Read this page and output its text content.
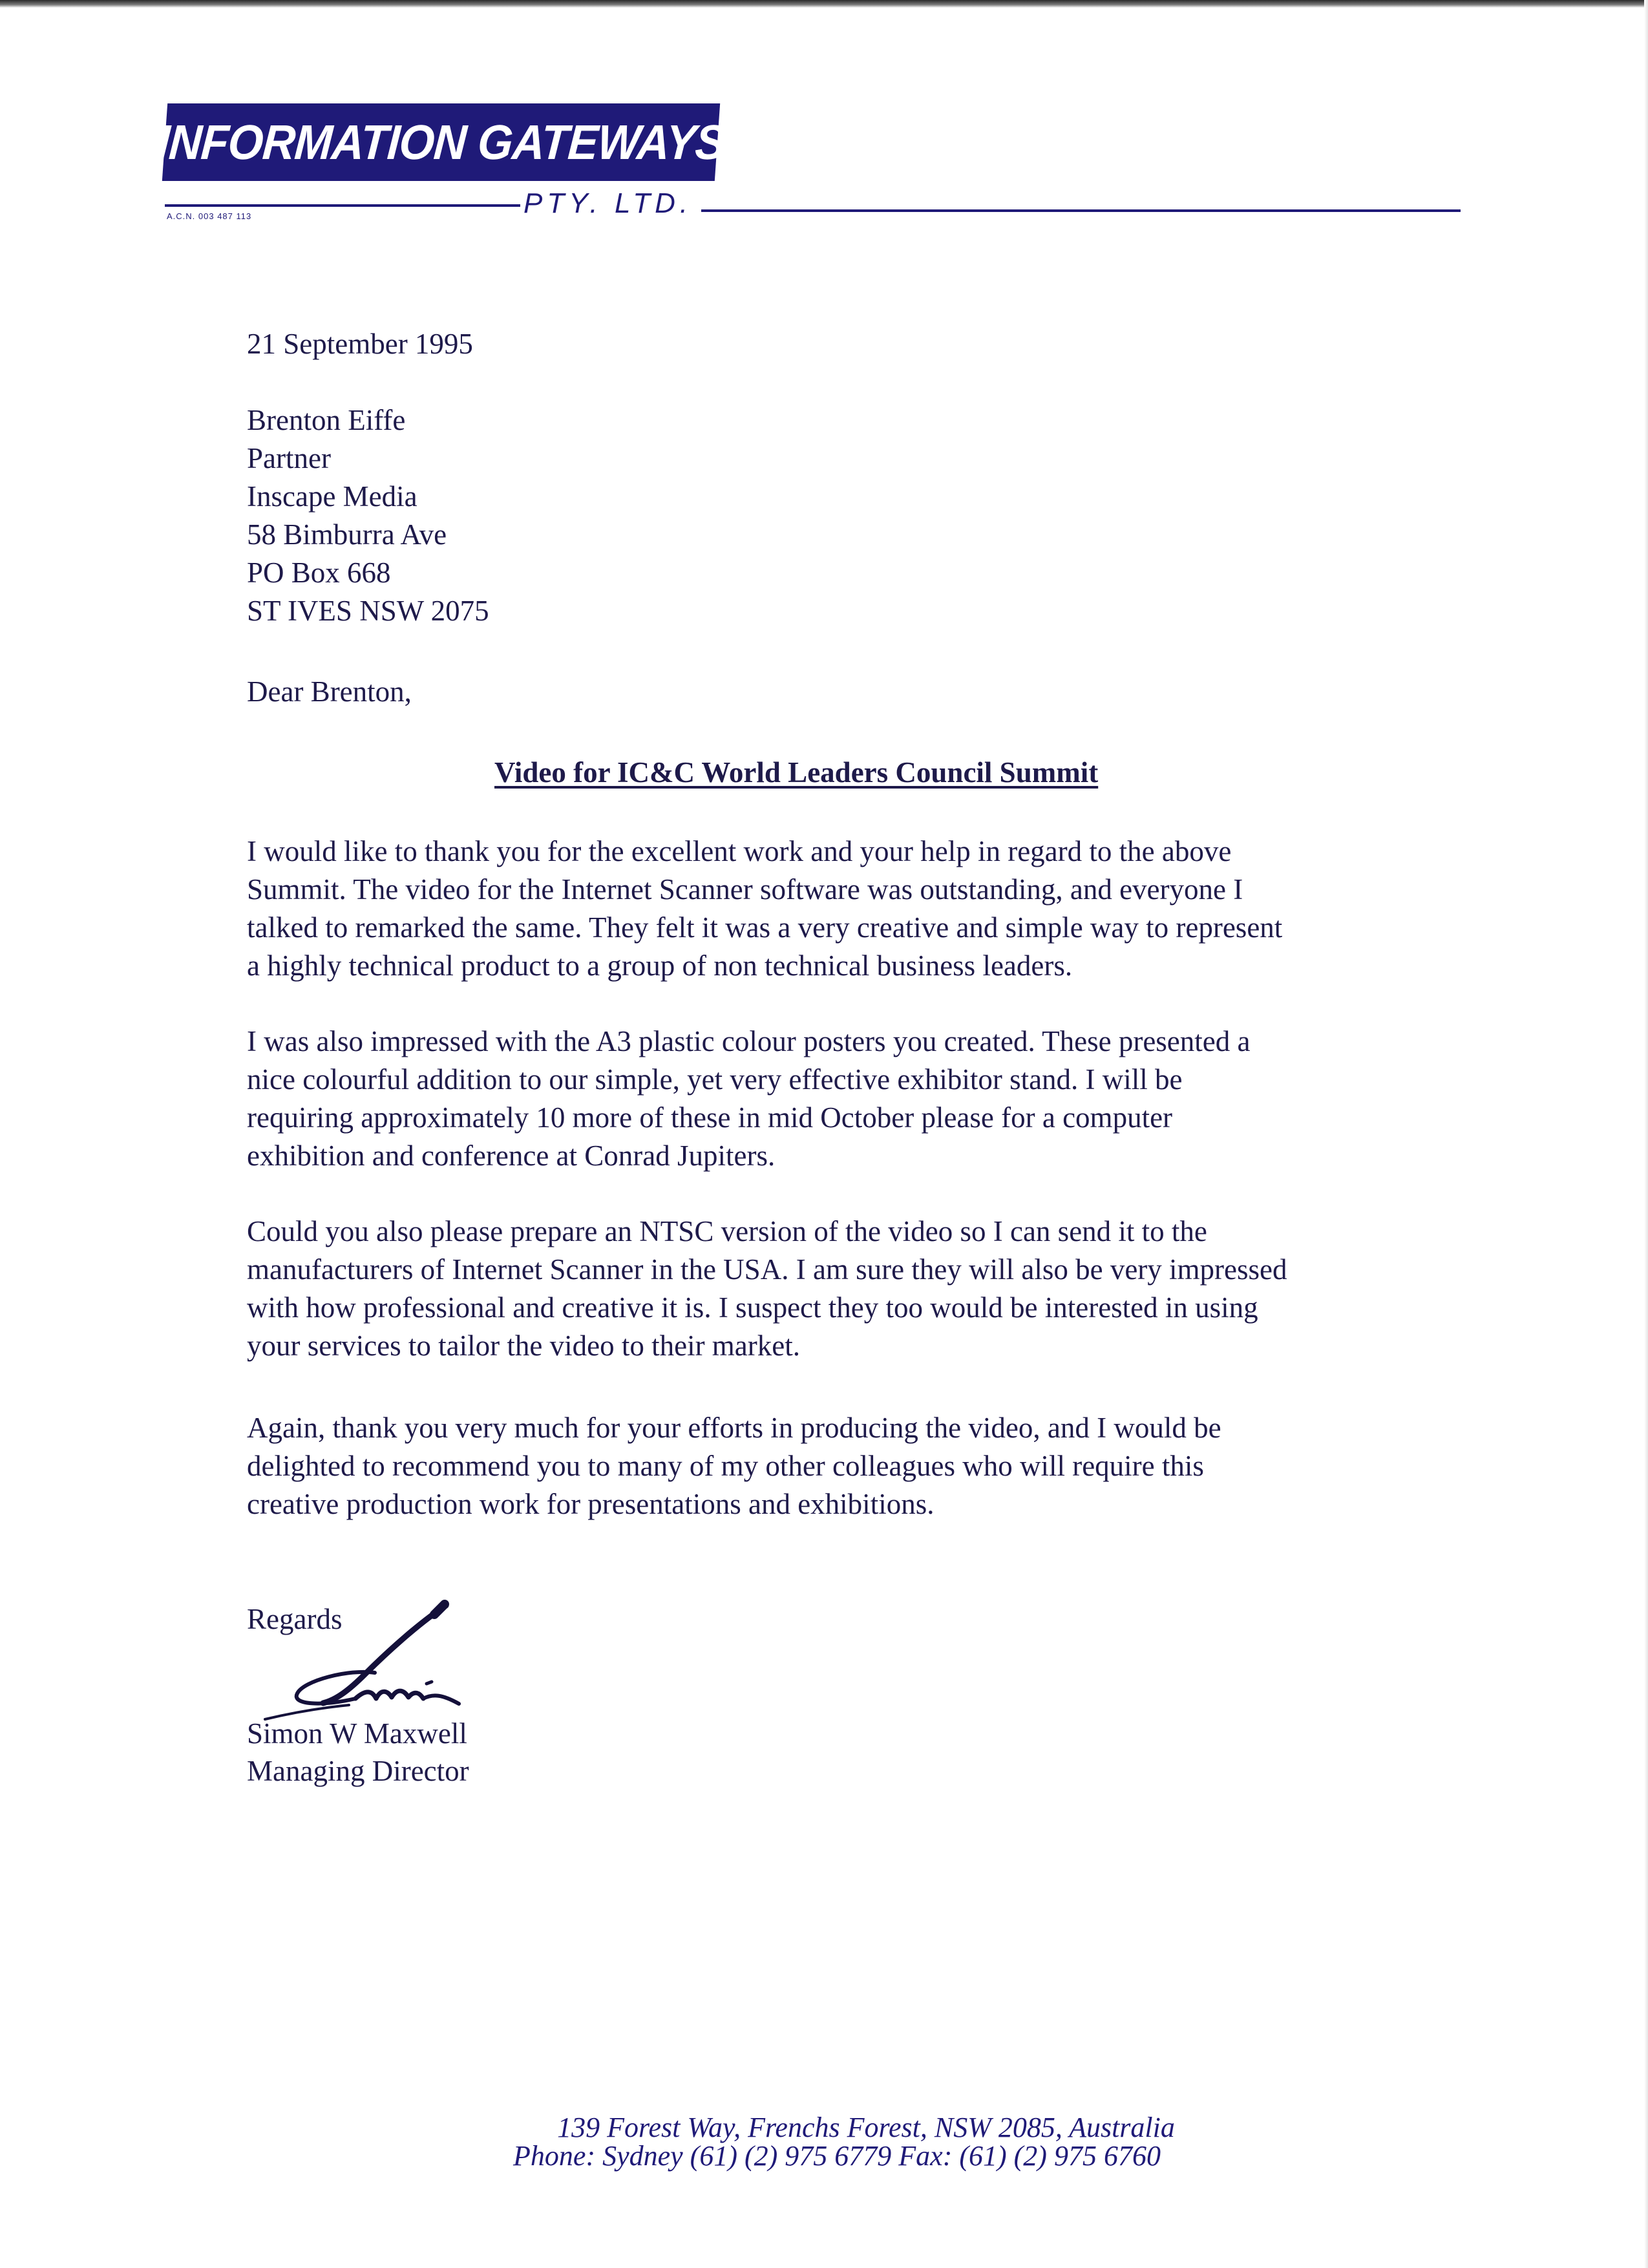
INFORMATION GATEWAYS
PTY. LTD.
A.C.N. 003 487 113
21 September 1995
Brenton Eiffe
Partner
Inscape Media
58 Bimburra Ave
PO Box 668
ST IVES NSW 2075
Dear Brenton,
Video for IC&C World Leaders Council Summit
I would like to thank you for the excellent work and your help in regard to the above
Summit. The video for the Internet Scanner software was outstanding, and everyone I
talked to remarked the same. They felt it was a very creative and simple way to represent
a highly technical product to a group of non technical business leaders.
I was also impressed with the A3 plastic colour posters you created. These presented a
nice colourful addition to our simple, yet very effective exhibitor stand. I will be
requiring approximately 10 more of these in mid October please for a computer
exhibition and conference at Conrad Jupiters.
Could you also please prepare an NTSC version of the video so I can send it to the
manufacturers of Internet Scanner in the USA. I am sure they will also be very impressed
with how professional and creative it is. I suspect they too would be interested in using
your services to tailor the video to their market.
Again, thank you very much for your efforts in producing the video, and I would be
delighted to recommend you to many of my other colleagues who will require this
creative production work for presentations and exhibitions.
Regards
Simon W Maxwell
Managing Director
139 Forest Way, Frenchs Forest, NSW 2085, Australia
Phone: Sydney (61) (2) 975 6779 Fax: (61) (2) 975 6760
